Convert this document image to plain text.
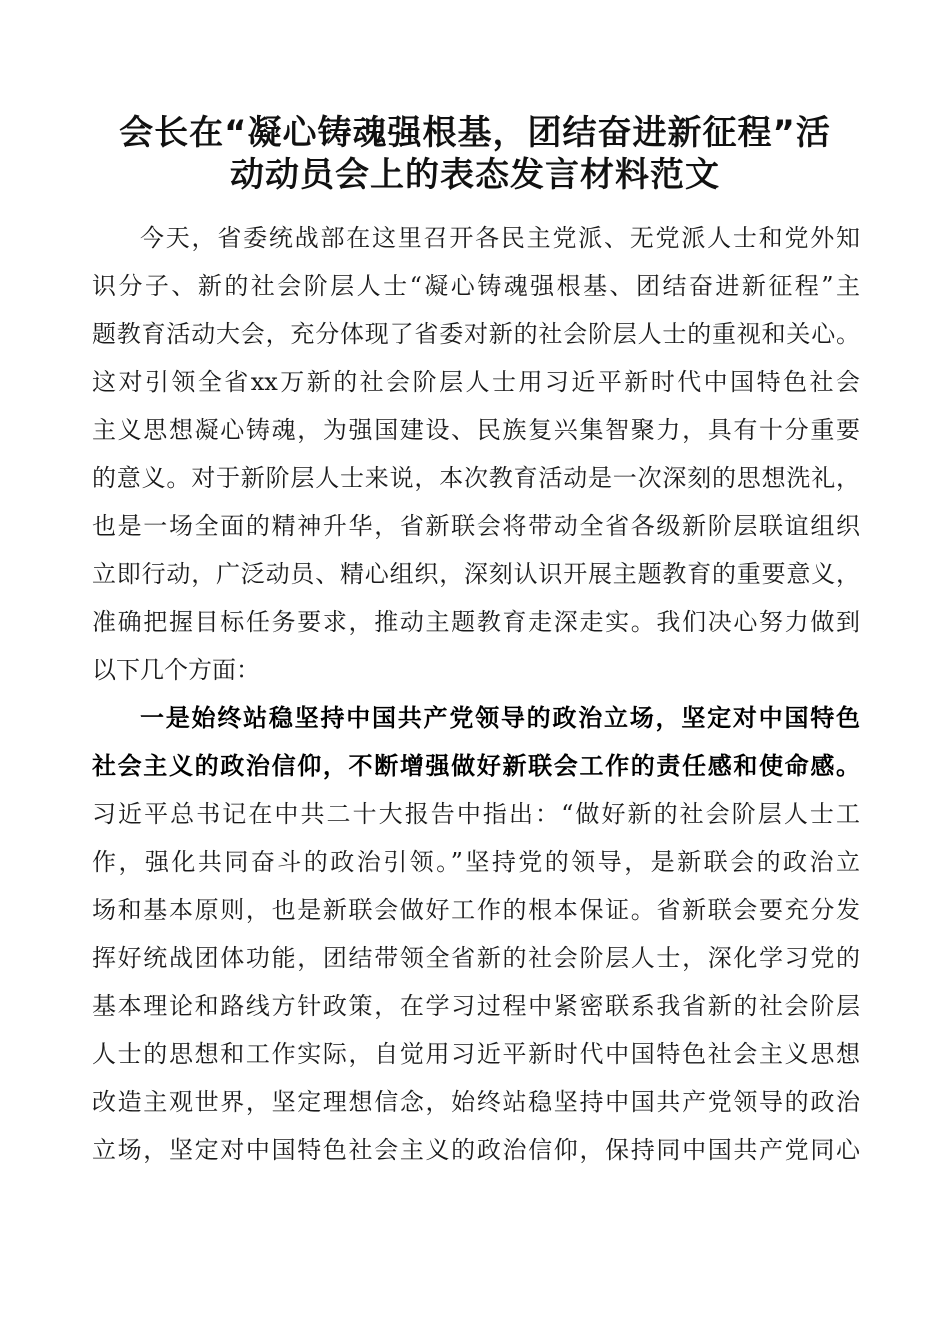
会长在“凝心铸魂强根基，团结奋进新征程”活
动动员会上的表态发言材料范文
今天，省委统战部在这里召开各民主党派、无党派人士和党外知
识分子、新的社会阶层人士“凝心铸魂强根基、团结奋进新征程”主
题教育活动大会，充分体现了省委对新的社会阶层人士的重视和关心。
这对引领全省xx万新的社会阶层人士用习近平新时代中国特色社会
主义思想凝心铸魂，为强国建设、民族复兴集智聚力，具有十分重要
的意义。对于新阶层人士来说，本次教育活动是一次深刻的思想洗礼，
也是一场全面的精神升华，省新联会将带动全省各级新阶层联谊组织
立即行动，广泛动员、精心组织，深刻认识开展主题教育的重要意义，
准确把握目标任务要求，推动主题教育走深走实。我们决心努力做到
以下几个方面：
一是始终站稳坚持中国共产党领导的政治立场，坚定对中国特色
社会主义的政治信仰，不断增强做好新联会工作的责任感和使命感。
习近平总书记在中共二十大报告中指出：“做好新的社会阶层人士工
作，强化共同奋斗的政治引领。”坚持党的领导，是新联会的政治立
场和基本原则，也是新联会做好工作的根本保证。省新联会要充分发
挥好统战团体功能，团结带领全省新的社会阶层人士，深化学习党的
基本理论和路线方针政策，在学习过程中紧密联系我省新的社会阶层
人士的思想和工作实际，自觉用习近平新时代中国特色社会主义思想
改造主观世界，坚定理想信念，始终站稳坚持中国共产党领导的政治
立场，坚定对中国特色社会主义的政治信仰，保持同中国共产党同心
